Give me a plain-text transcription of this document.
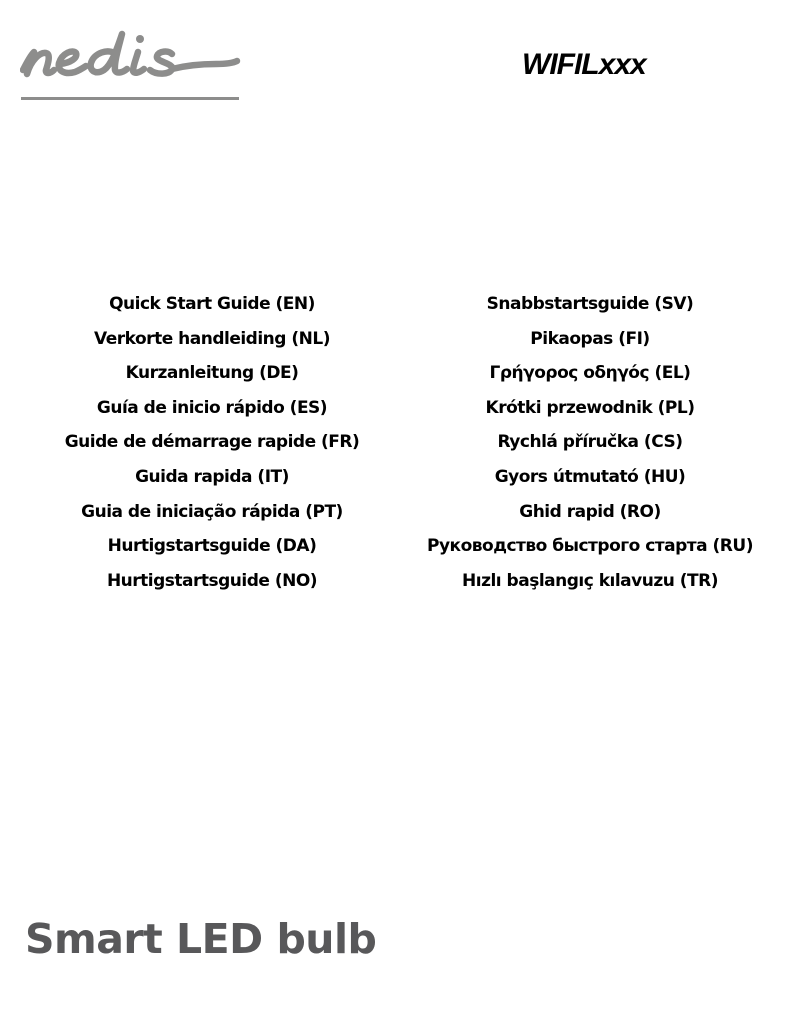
WIFILxxx
Quick Start Guide (EN)
Verkorte handleiding (NL)
Kurzanleitung (DE)
Guía de inicio rápido (ES)
Guide de démarrage rapide (FR)
Guida rapida (IT)
Guia de iniciação rápida (PT)
Hurtigstartsguide (DA)
Hurtigstartsguide (NO)
Snabbstartsguide (SV)
Pikaopas (FI)
Γρήγορος οδηγός (EL)
Krótki przewodnik (PL)
Rychlá příručka (CS)
Gyors útmutató (HU)
Ghid rapid (RO)
Руководство быстрого старта (RU)
Hızlı başlangıç kılavuzu (TR)
Smart LED bulb
